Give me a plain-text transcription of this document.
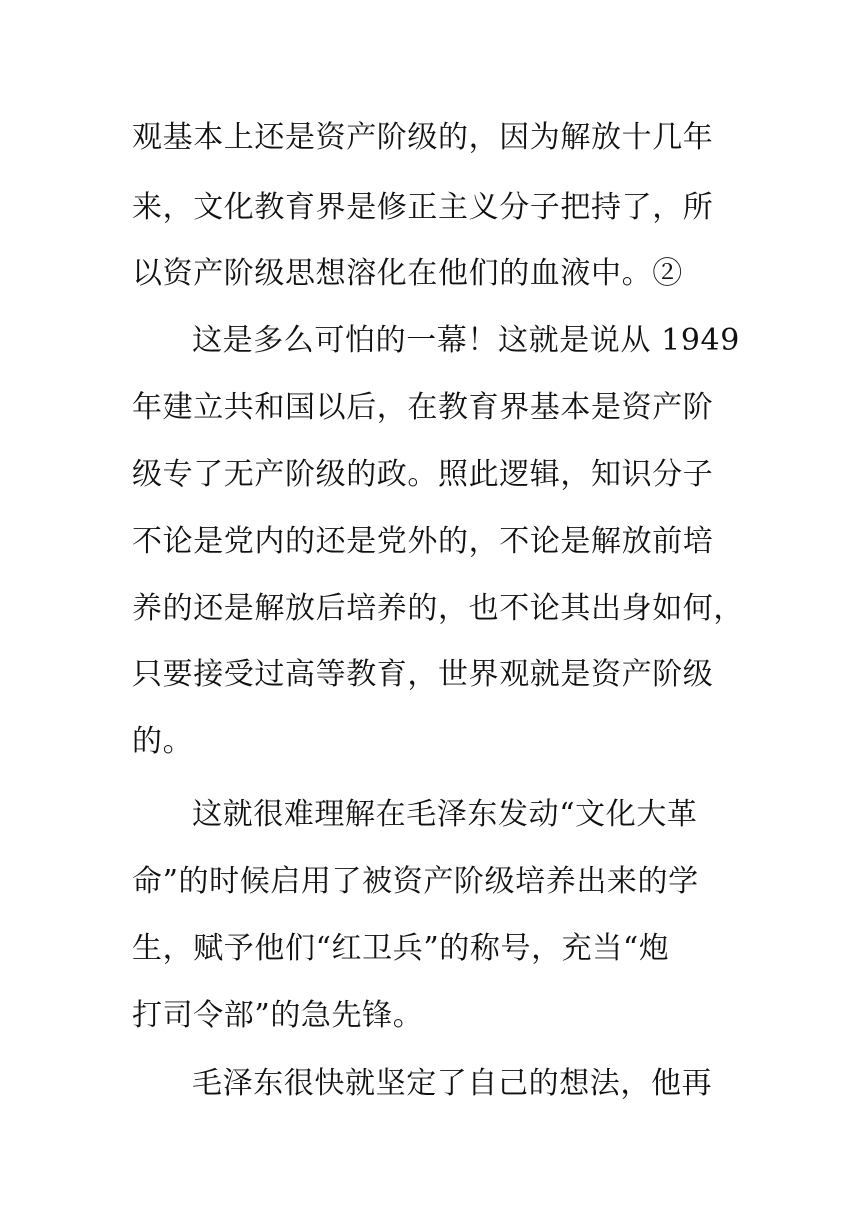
观基本上还是资产阶级的，因为解放十几年
来，文化教育界是修正主义分子把持了，所
以资产阶级思想溶化在他们的血液中。②
这是多么可怕的一幕！这就是说从 1949
年建立共和国以后，在教育界基本是资产阶
级专了无产阶级的政。照此逻辑，知识分子
不论是党内的还是党外的，不论是解放前培
养的还是解放后培养的，也不论其出身如何，
只要接受过高等教育，世界观就是资产阶级
的。
这就很难理解在毛泽东发动“文化大革
命”的时候启用了被资产阶级培养出来的学
生，赋予他们“红卫兵”的称号，充当“炮
打司令部”的急先锋。
毛泽东很快就坚定了自己的想法，他再
